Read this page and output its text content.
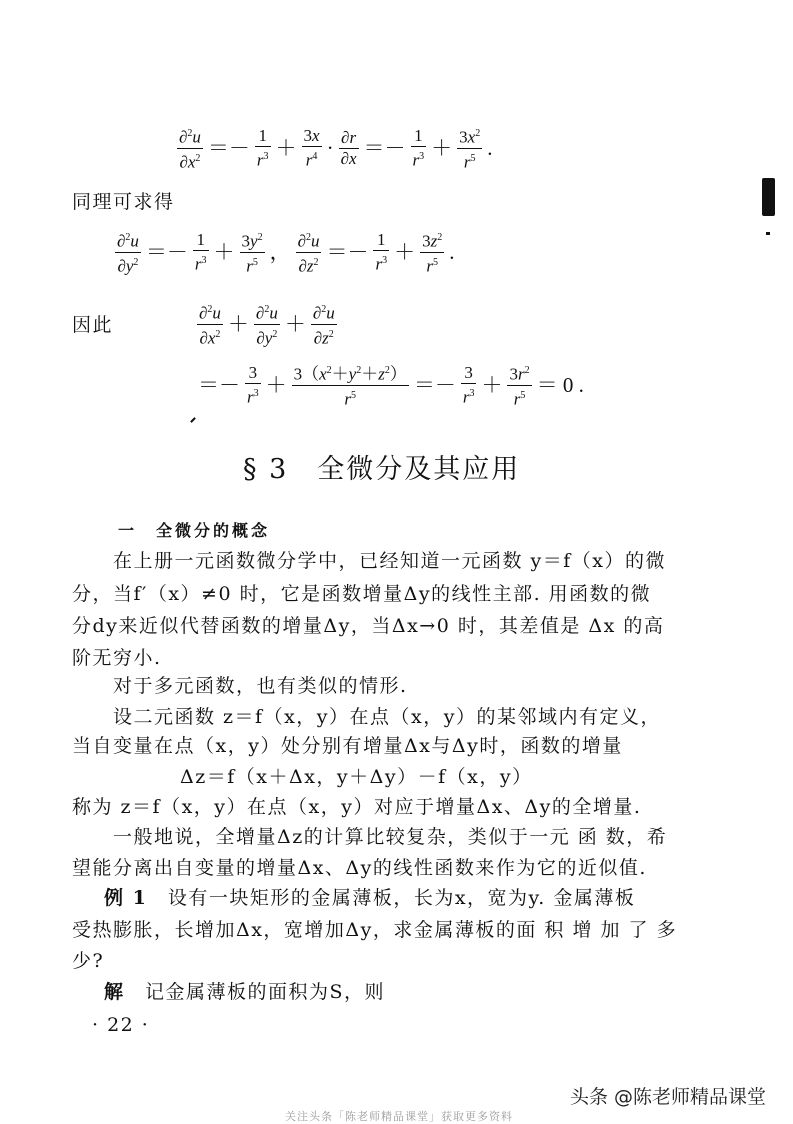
$\frac{\partial^2u}{\partial x^2} =- \frac{1}{r^3} + \frac{3x}{r^4} \cdot \frac{\partial r}{\partial x} =- \frac{1}{r^3} + \frac{3x^2}{r^5}$ .
同理可求得
$\frac{\partial^2u}{\partial y^2} =- \frac{1}{r^3} + \frac{3y^2}{r^5}$ ， $\frac{\partial^2u}{\partial z^2} =- \frac{1}{r^3} + \frac{3z^2}{r^5}$ .
因此	$\frac{\partial^2u}{\partial x^2} + \frac{\partial^2u}{\partial y^2} + \frac{\partial^2u}{\partial z^2}$
＝－ $\frac{3}{r^3} + \frac{3(x^2+y^2+z^2)}{r^5} =- \frac{3}{r^3} + \frac{3r^2}{r^5} = 0$ .
§ 3　全微分及其应用
一　全微分的概念
　　在上册一元函数微分学中，已经知道一元函数 y＝f（x）的微
分，当f′（x）≠0 时，它是函数增量Δy的线性主部. 用函数的微
分dy来近似代替函数的增量Δy，当Δx→0 时，其差值是 Δx 的高
阶无穷小.
　　对于多元函数，也有类似的情形.
　　设二元函数 z＝f（x，y）在点（x，y）的某邻域内有定义，
当自变量在点（x，y）处分别有增量Δx与Δy时，函数的增量
Δz＝f（x＋Δx，y＋Δy）－f（x，y）
称为 z＝f（x，y）在点（x，y）对应于增量Δx、Δy的全增量.
　　一般地说，全增量Δz的计算比较复杂，类似于一元 函 数，希
望能分离出自变量的增量Δx、Δy的线性函数来作为它的近似值.
例 1　设有一块矩形的金属薄板，长为x，宽为y. 金属薄板
受热膨胀，长增加Δx，宽增加Δy，求金属薄板的面 积 增 加 了 多
少?
解　记金属薄板的面积为S，则
· 22 ·
头条 @陈老师精品课堂
关注头条「陈老师精品课堂」获取更多资料
